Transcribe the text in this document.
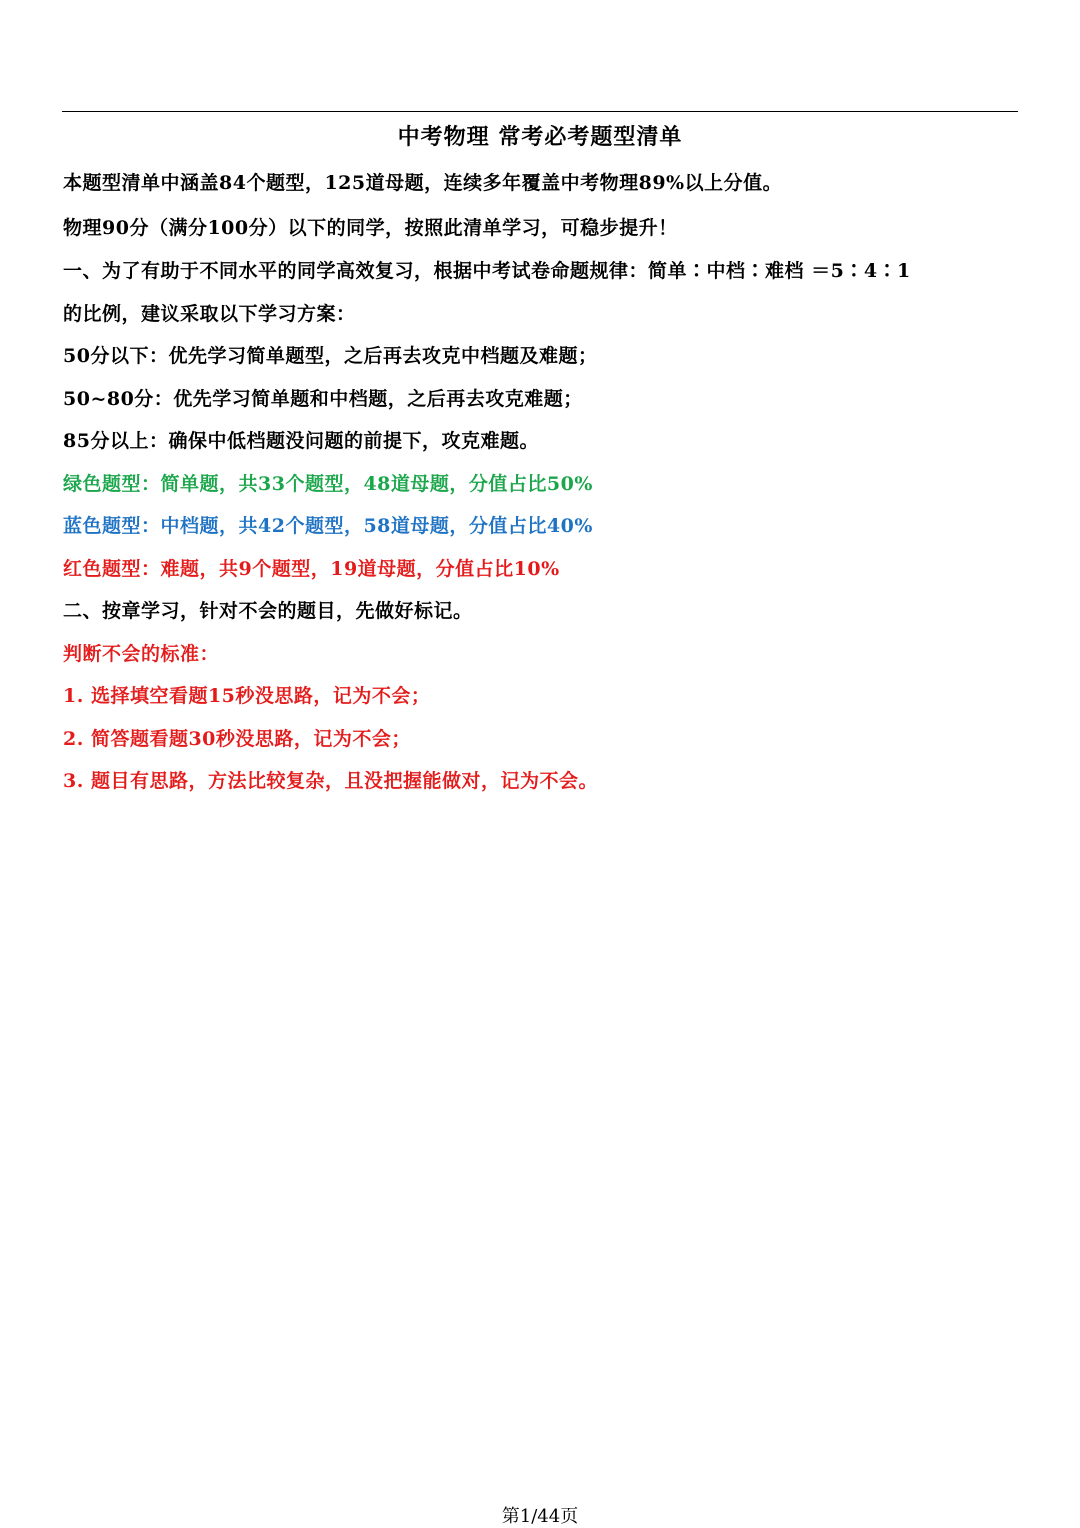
中考物理 常考必考题型清单
本题型清单中涵盖84个题型，125道母题，连续多年覆盖中考物理89%以上分值。
物理90分（满分100分）以下的同学，按照此清单学习，可稳步提升！
一、为了有助于不同水平的同学高效复习，根据中考试卷命题规律：简单∶中档∶难档 ＝5∶4∶1
的比例，建议采取以下学习方案：
50分以下：优先学习简单题型，之后再去攻克中档题及难题；
50~80分：优先学习简单题和中档题，之后再去攻克难题；
85分以上：确保中低档题没问题的前提下，攻克难题。
绿色题型：简单题，共33个题型，48道母题，分值占比50%
蓝色题型：中档题，共42个题型，58道母题，分值占比40%
红色题型：难题，共9个题型，19道母题，分值占比10%
二、按章学习，针对不会的题目，先做好标记。
判断不会的标准：
1. 选择填空看题15秒没思路，记为不会；
2. 简答题看题30秒没思路，记为不会；
3. 题目有思路，方法比较复杂，且没把握能做对，记为不会。
第1/44页
